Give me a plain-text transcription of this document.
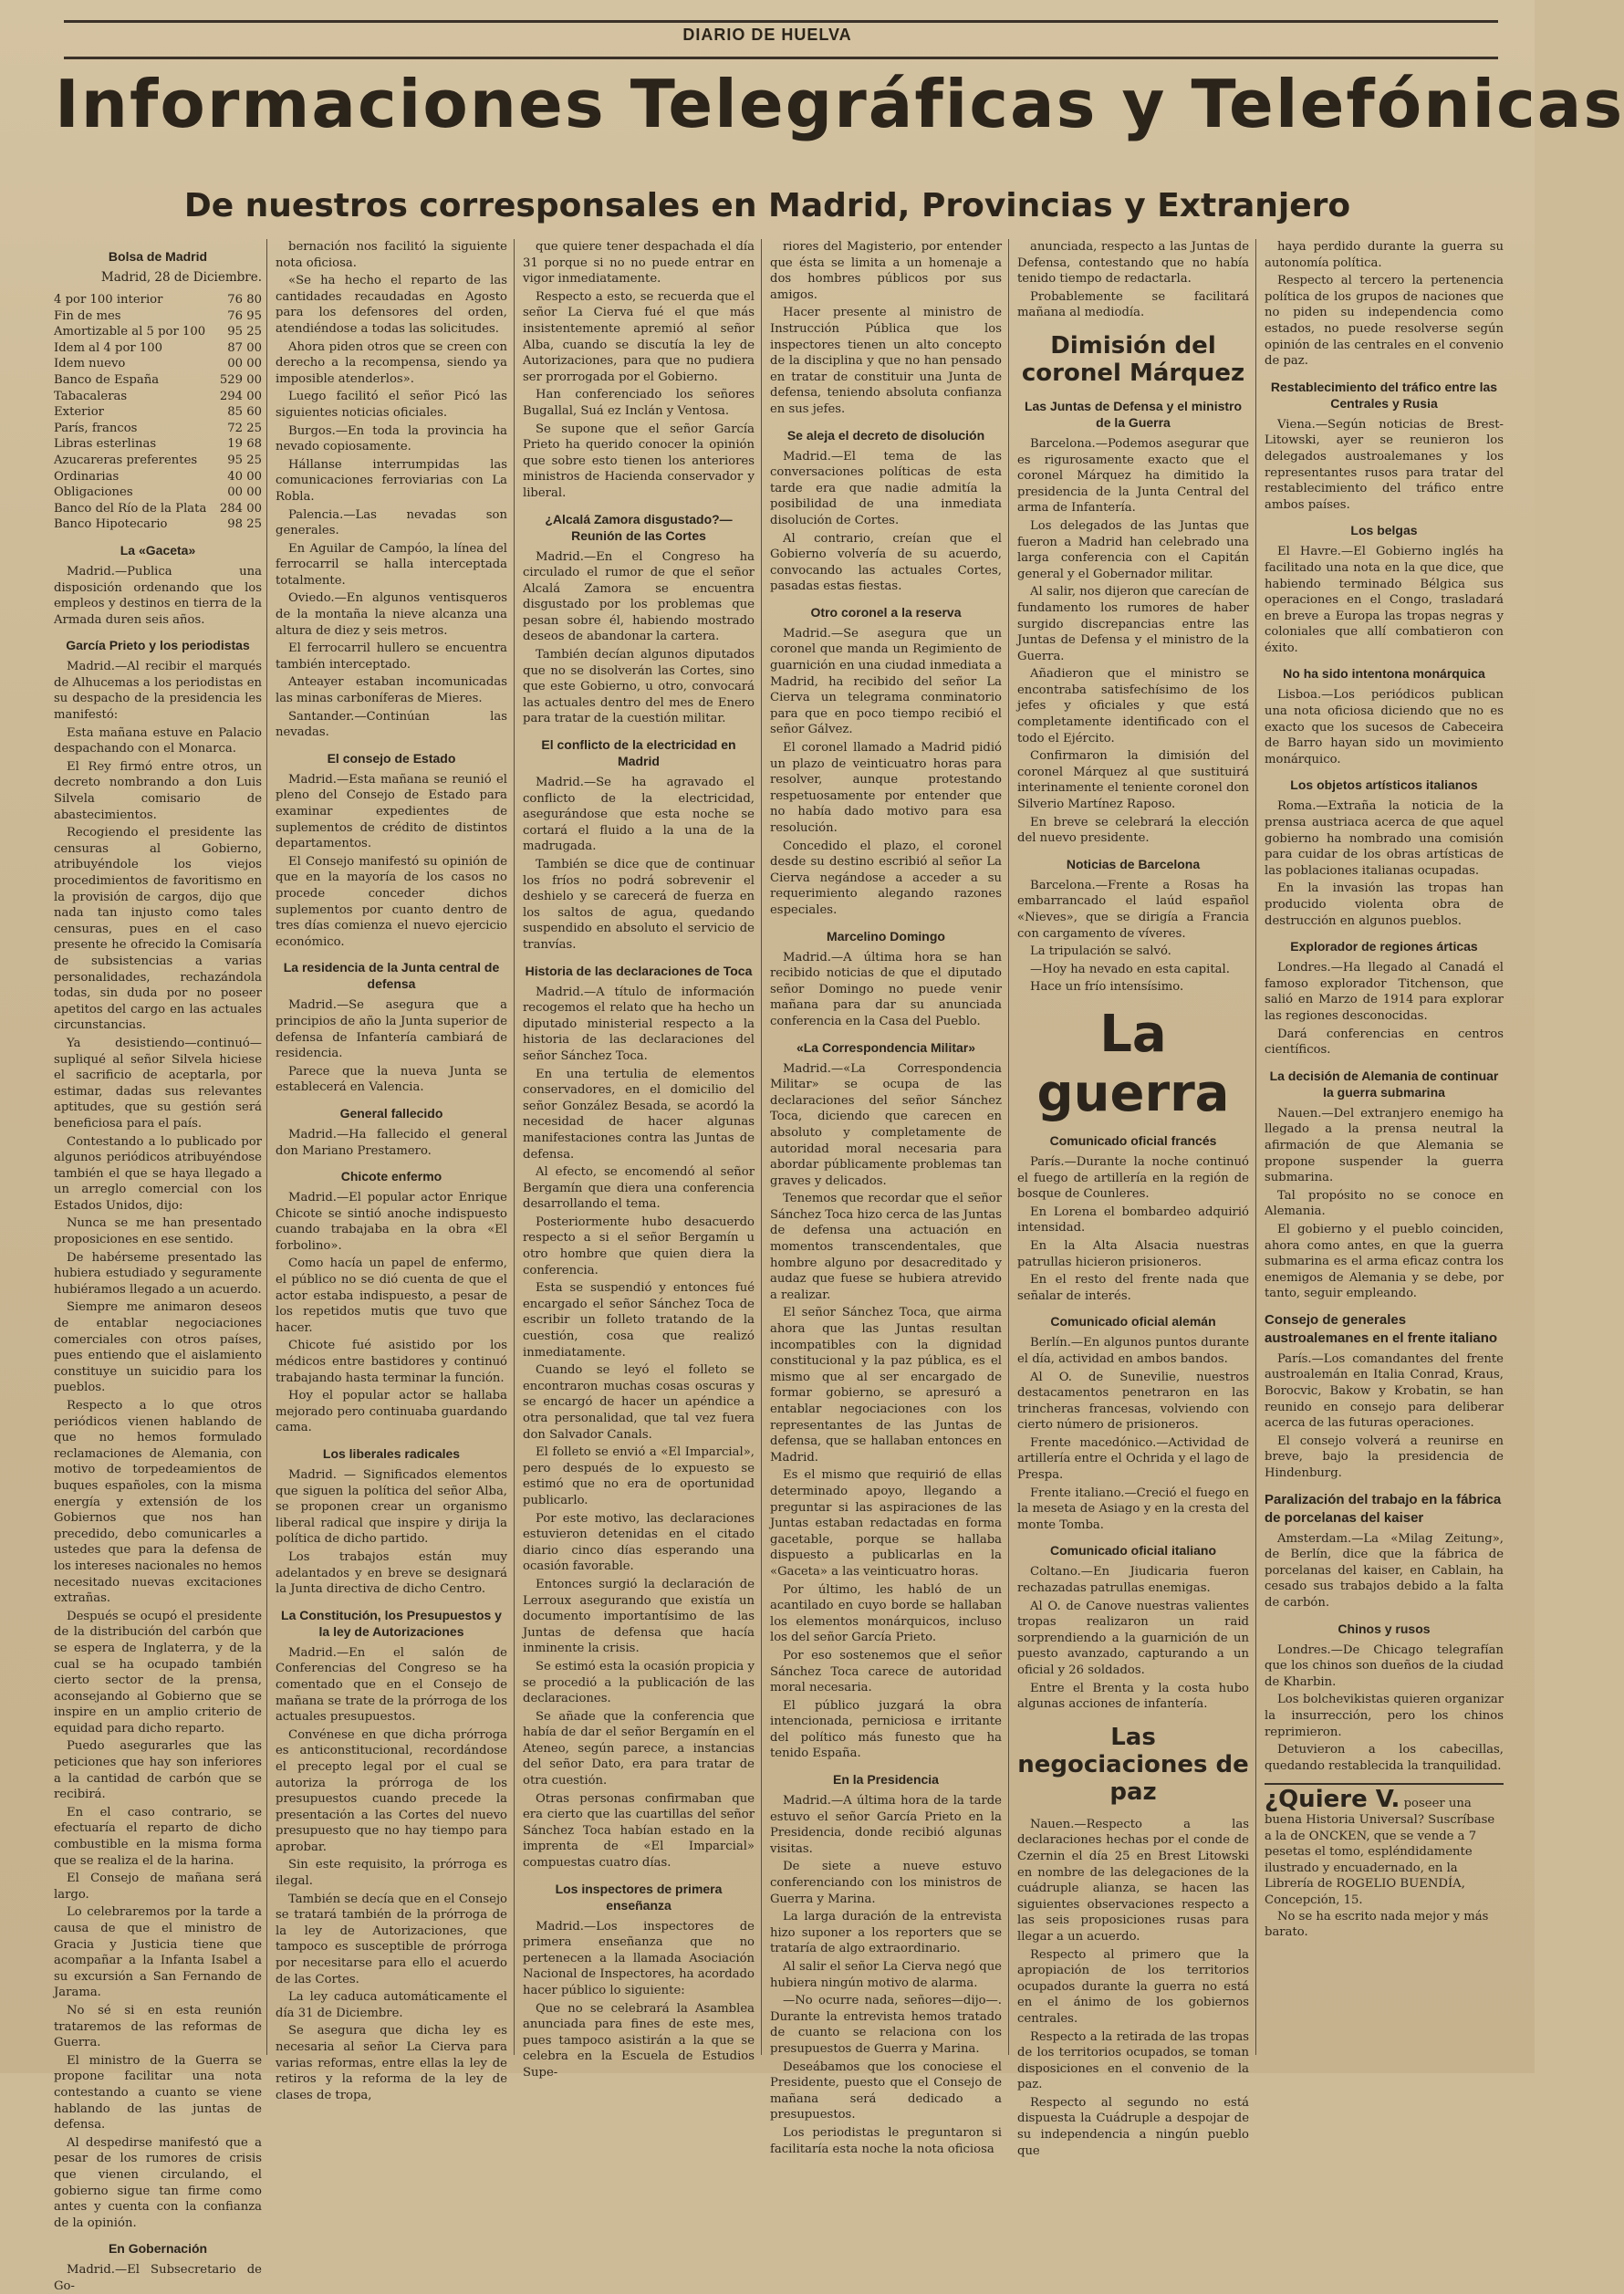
DIARIO DE HUELVA
Informaciones Telegráficas y Telefónicas
De nuestros corresponsales en Madrid, Provincias y Extranjero
Bolsa de Madrid
Madrid, 28 de Diciembre.
4 por 100 interior	76 80
Fin de mes	76 95
Amortizable al 5 por 100	95 25
Idem al 4 por 100	87 00
Idem nuevo	00 00
Banco de España	529 00
Tabacaleras	294 00
Exterior	85 60
París, francos	72 25
Libras esterlinas	19 68
Azucareras preferentes	95 25
Ordinarias	40 00
Obligaciones	00 00
Banco del Río de la Plata	284 00
Banco Hipotecario	98 25
La «Gaceta»

Madrid.—Publica una disposición ordenando que los empleos y destinos en tierra de la Armada duren seis años.

García Prieto y los periodistas

Madrid.—Al recibir el marqués de Alhucemas a los periodistas en su despacho de la presidencia les manifestó:

Esta mañana estuve en Palacio despachando con el Monarca.

El Rey firmó entre otros, un decreto nombrando a don Luis Silvela comisario de abastecimientos.

Recogiendo el presidente las censuras al Gobierno, atribuyéndole los viejos procedimientos de favoritismo en la provisión de cargos, dijo que nada tan injusto como tales censuras, pues en el caso presente he ofrecido la Comisaría de subsistencias a varias personalidades, rechazándola todas, sin duda por no poseer apetitos del cargo en las actuales circunstancias.

Ya desistiendo—continuó—supliqué al señor Silvela hiciese el sacrificio de aceptarla, por estimar, dadas sus relevantes aptitudes, que su gestión será beneficiosa para el país.

Contestando a lo publicado por algunos periódicos atribuyéndose también el que se haya llegado a un arreglo comercial con los Estados Unidos, dijo:

Nunca se me han presentado proposiciones en ese sentido.

De habérseme presentado las hubiera estudiado y seguramente hubiéramos llegado a un acuerdo.

Siempre me animaron deseos de entablar negociaciones comerciales con otros países, pues entiendo que el aislamiento constituye un suicidio para los pueblos.

Respecto a lo que otros periódicos vienen hablando de que no hemos formulado reclamaciones de Alemania, con motivo de torpedeamientos de buques españoles, con la misma energía y extensión de los Gobiernos que nos han precedido, debo comunicarles a ustedes que para la defensa de los intereses nacionales no hemos necesitado nuevas excitaciones extrañas.

Después se ocupó el presidente de la distribución del carbón que se espera de Inglaterra, y de la cual se ha ocupado también cierto sector de la prensa, aconsejando al Gobierno que se inspire en un amplio criterio de equidad para dicho reparto.

Puedo asegurarles que las peticiones que hay son inferiores a la cantidad de carbón que se recibirá.

En el caso contrario, se efectuaría el reparto de dicho combustible en la misma forma que se realiza el de la harina.

El Consejo de mañana será largo.

Lo celebraremos por la tarde a causa de que el ministro de Gracia y Justicia tiene que acompañar a la Infanta Isabel a su excursión a San Fernando de Jarama.

No sé si en esta reunión trataremos de las reformas de Guerra.

El ministro de la Guerra se propone facilitar una nota contestando a cuanto se viene hablando de las juntas de defensa.

Al despedirse manifestó que a pesar de los rumores de crisis que vienen circulando, el gobierno sigue tan firme como antes y cuenta con la confianza de la opinión.

En Gobernación

Madrid.—El Subsecretario de Go-

bernación nos facilitó la siguiente nota oficiosa.

«Se ha hecho el reparto de las cantidades recaudadas en Agosto para los defensores del orden, atendiéndose a todas las solicitudes.

Ahora piden otros que se creen con derecho a la recompensa, siendo ya imposible atenderlos».

Luego facilitó el señor Picó las siguientes noticias oficiales.

Burgos.—En toda la provincia ha nevado copiosamente.

Hállanse interrumpidas las comunicaciones ferroviarias con La Robla.

Palencia.—Las nevadas son generales.

En Aguilar de Campóo, la línea del ferrocarril se halla interceptada totalmente.

Oviedo.—En algunos ventisqueros de la montaña la nieve alcanza una altura de diez y seis metros.

El ferrocarril hullero se encuentra también interceptado.

Anteayer estaban incomunicadas las minas carboníferas de Mieres.

Santander.—Continúan las nevadas.

El consejo de Estado

Madrid.—Esta mañana se reunió el pleno del Consejo de Estado para examinar expedientes de suplementos de crédito de distintos departamentos.

El Consejo manifestó su opinión de que en la mayoría de los casos no procede conceder dichos suplementos por cuanto dentro de tres días comienza el nuevo ejercicio económico.

La residencia de la Junta central de defensa

Madrid.—Se asegura que a principios de año la Junta superior de defensa de Infantería cambiará de residencia.

Parece que la nueva Junta se establecerá en Valencia.

General fallecido

Madrid.—Ha fallecido el general don Mariano Prestamero.

Chicote enfermo

Madrid.—El popular actor Enrique Chicote se sintió anoche indispuesto cuando trabajaba en la obra «El forbolino».

Como hacía un papel de enfermo, el público no se dió cuenta de que el actor estaba indispuesto, a pesar de los repetidos mutis que tuvo que hacer.

Chicote fué asistido por los médicos entre bastidores y continuó trabajando hasta terminar la función.

Hoy el popular actor se hallaba mejorado pero continuaba guardando cama.

Los liberales radicales

Madrid. — Significados elementos que siguen la política del señor Alba, se proponen crear un organismo liberal radical que inspire y dirija la política de dicho partido.

Los trabajos están muy adelantados y en breve se designará la Junta directiva de dicho Centro.

La Constitución, los Presupuestos y la ley de Autorizaciones

Madrid.—En el salón de Conferencias del Congreso se ha comentado que en el Consejo de mañana se trate de la prórroga de los actuales presupuestos.

Convénese en que dicha prórroga es anticonstitucional, recordándose el precepto legal por el cual se autoriza la prórroga de los presupuestos cuando precede la presentación a las Cortes del nuevo presupuesto que no hay tiempo para aprobar.

Sin este requisito, la prórroga es ilegal.

También se decía que en el Consejo se tratará también de la prórroga de la ley de Autorizaciones, que tampoco es susceptible de prórroga por necesitarse para ello el acuerdo de las Cortes.

La ley caduca automáticamente el día 31 de Diciembre.

Se asegura que dicha ley es necesaria al señor La Cierva para varias reformas, entre ellas la ley de retiros y la reforma de la ley de clases de tropa,

que quiere tener despachada el día 31 porque si no no puede entrar en vigor inmediatamente.

Respecto a esto, se recuerda que el señor La Cierva fué el que más insistentemente apremió al señor Alba, cuando se discutía la ley de Autorizaciones, para que no pudiera ser prorrogada por el Gobierno.

Han conferenciado los señores Bugallal, Suá ez Inclán y Ventosa.

Se supone que el señor García Prieto ha querido conocer la opinión que sobre esto tienen los anteriores ministros de Hacienda conservador y liberal.

¿Alcalá Zamora disgustado?—Reunión de las Cortes

Madrid.—En el Congreso ha circulado el rumor de que el señor Alcalá Zamora se encuentra disgustado por los problemas que pesan sobre él, habiendo mostrado deseos de abandonar la cartera.

También decían algunos diputados que no se disolverán las Cortes, sino que este Gobierno, u otro, convocará las actuales dentro del mes de Enero para tratar de la cuestión militar.

El conflicto de la electricidad en Madrid

Madrid.—Se ha agravado el conflicto de la electricidad, asegurándose que esta noche se cortará el fluido a la una de la madrugada.

También se dice que de continuar los fríos no podrá sobrevenir el deshielo y se carecerá de fuerza en los saltos de agua, quedando suspendido en absoluto el servicio de tranvías.

Historia de las declaraciones de Toca

Madrid.—A título de información recogemos el relato que ha hecho un diputado ministerial respecto a la historia de las declaraciones del señor Sánchez Toca.

En una tertulia de elementos conservadores, en el domicilio del señor González Besada, se acordó la necesidad de hacer algunas manifestaciones contra las Juntas de defensa.

Al efecto, se encomendó al señor Bergamín que diera una conferencia desarrollando el tema.

Posteriormente hubo desacuerdo respecto a si el señor Bergamín u otro hombre que quien diera la conferencia.

Esta se suspendió y entonces fué encargado el señor Sánchez Toca de escribir un folleto tratando de la cuestión, cosa que realizó inmediatamente.

Cuando se leyó el folleto se encontraron muchas cosas oscuras y se encargó de hacer un apéndice a otra personalidad, que tal vez fuera don Salvador Canals.

El folleto se envió a «El Imparcial», pero después de lo expuesto se estimó que no era de oportunidad publicarlo.

Por este motivo, las declaraciones estuvieron detenidas en el citado diario cinco días esperando una ocasión favorable.

Entonces surgió la declaración de Lerroux asegurando que existía un documento importantísimo de las Juntas de defensa que hacía inminente la crisis.

Se estimó esta la ocasión propicia y se procedió a la publicación de las declaraciones.

Se añade que la conferencia que había de dar el señor Bergamín en el Ateneo, según parece, a instancias del señor Dato, era para tratar de otra cuestión.

Otras personas confirmaban que era cierto que las cuartillas del señor Sánchez Toca habían estado en la imprenta de «El Imparcial» compuestas cuatro días.

Los inspectores de primera enseñanza

Madrid.—Los inspectores de primera enseñanza que no pertenecen a la llamada Asociación Nacional de Inspectores, ha acordado hacer público lo siguiente:

Que no se celebrará la Asamblea anunciada para fines de este mes, pues tampoco asistirán a la que se celebra en la Escuela de Estudios Supe-

riores del Magisterio, por entender que ésta se limita a un homenaje a dos hombres públicos por sus amigos.

Hacer presente al ministro de Instrucción Pública que los inspectores tienen un alto concepto de la disciplina y que no han pensado en tratar de constituir una Junta de defensa, teniendo absoluta confianza en sus jefes.

Se aleja el decreto de disolución

Madrid.—El tema de las conversaciones políticas de esta tarde era que nadie admitía la posibilidad de una inmediata disolución de Cortes.

Al contrario, creían que el Gobierno volvería de su acuerdo, convocando las actuales Cortes, pasadas estas fiestas.

Otro coronel a la reserva

Madrid.—Se asegura que un coronel que manda un Regimiento de guarnición en una ciudad inmediata a Madrid, ha recibido del señor La Cierva un telegrama conminatorio para que en poco tiempo recibió el señor Gálvez.

El coronel llamado a Madrid pidió un plazo de veinticuatro horas para resolver, aunque protestando respetuosamente por entender que no había dado motivo para esa resolución.

Concedido el plazo, el coronel desde su destino escribió al señor La Cierva negándose a acceder a su requerimiento alegando razones especiales.

Marcelino Domingo

Madrid.—A última hora se han recibido noticias de que el diputado señor Domingo no puede venir mañana para dar su anunciada conferencia en la Casa del Pueblo.

«La Correspondencia Militar»

Madrid.—«La Correspondencia Militar» se ocupa de las declaraciones del señor Sánchez Toca, diciendo que carecen en absoluto y completamente de autoridad moral necesaria para abordar públicamente problemas tan graves y delicados.

Tenemos que recordar que el señor Sánchez Toca hizo cerca de las Juntas de defensa una actuación en momentos transcendentales, que hombre alguno por desacreditado y audaz que fuese se hubiera atrevido a realizar.

El señor Sánchez Toca, que airma ahora que las Juntas resultan incompatibles con la dignidad constitucional y la paz pública, es el mismo que al ser encargado de formar gobierno, se apresuró a entablar negociaciones con los representantes de las Juntas de defensa, que se hallaban entonces en Madrid.

Es el mismo que requirió de ellas determinado apoyo, llegando a preguntar si las aspiraciones de las Juntas estaban redactadas en forma gacetable, porque se hallaba dispuesto a publicarlas en la «Gaceta» a las veinticuatro horas.

Por último, les habló de un acantilado en cuyo borde se hallaban los elementos monárquicos, incluso los del señor García Prieto.

Por eso sostenemos que el señor Sánchez Toca carece de autoridad moral necesaria.

El público juzgará la obra intencionada, perniciosa e irritante del político más funesto que ha tenido España.

En la Presidencia

Madrid.—A última hora de la tarde estuvo el señor García Prieto en la Presidencia, donde recibió algunas visitas.

De siete a nueve estuvo conferenciando con los ministros de Guerra y Marina.

La larga duración de la entrevista hizo suponer a los reporters que se trataría de algo extraordinario.

Al salir el señor La Cierva negó que hubiera ningún motivo de alarma.

—No ocurre nada, señores—dijo—. Durante la entrevista hemos tratado de cuanto se relaciona con los presupuestos de Guerra y Marina.

Deseábamos que los conociese el Presidente, puesto que el Consejo de mañana será dedicado a presupuestos.

Los periodistas le preguntaron si facilitaría esta noche la nota oficiosa

anunciada, respecto a las Juntas de Defensa, contestando que no había tenido tiempo de redactarla.

Probablemente se facilitará mañana al mediodía.

Dimisión del coronel Márquez
Las Juntas de Defensa y el ministro de la Guerra

Barcelona.—Podemos asegurar que es rigurosamente exacto que el coronel Márquez ha dimitido la presidencia de la Junta Central del arma de Infantería.

Los delegados de las Juntas que fueron a Madrid han celebrado una larga conferencia con el Capitán general y el Gobernador militar.

Al salir, nos dijeron que carecían de fundamento los rumores de haber surgido discrepancias entre las Juntas de Defensa y el ministro de la Guerra.

Añadieron que el ministro se encontraba satisfechísimo de los jefes y oficiales y que está completamente identificado con el todo el Ejército.

Confirmaron la dimisión del coronel Márquez al que sustituirá interinamente el teniente coronel don Silverio Martínez Raposo.

En breve se celebrará la elección del nuevo presidente.

Noticias de Barcelona

Barcelona.—Frente a Rosas ha embarrancado el laúd español «Nieves», que se dirigía a Francia con cargamento de víveres.

La tripulación se salvó.

—Hoy ha nevado en esta capital.

Hace un frío intensísimo.

La guerra
Comunicado oficial francés

París.—Durante la noche continuó el fuego de artillería en la región de bosque de Counleres.

En Lorena el bombardeo adquirió intensidad.

En la Alta Alsacia nuestras patrullas hicieron prisioneros.

En el resto del frente nada que señalar de interés.

Comunicado oficial alemán

Berlín.—En algunos puntos durante el día, actividad en ambos bandos.

Al O. de Sunevilie, nuestros destacamentos penetraron en las trincheras francesas, volviendo con cierto número de prisioneros.

Frente macedónico.—Actividad de artillería entre el Ochrida y el lago de Prespa.

Frente italiano.—Creció el fuego en la meseta de Asiago y en la cresta del monte Tomba.

Comunicado oficial italiano

Coltano.—En Jiudicaria fueron rechazadas patrullas enemigas.

Al O. de Canove nuestras valientes tropas realizaron un raid sorprendiendo a la guarnición de un puesto avanzado, capturando a un oficial y 26 soldados.

Entre el Brenta y la costa hubo algunas acciones de infantería.

Las negociaciones de paz

Nauen.—Respecto a las declaraciones hechas por el conde de Czernin el día 25 en Brest Litowski en nombre de las delegaciones de la cuádruple alianza, se hacen las siguientes observaciones respecto a las seis proposiciones rusas para llegar a un acuerdo.

Respecto al primero que la apropiación de los territorios ocupados durante la guerra no está en el ánimo de los gobiernos centrales.

Respecto a la retirada de las tropas de los territorios ocupados, se toman disposiciones en el convenio de la paz.

Respecto al segundo no está dispuesta la Cuádruple a despojar de su independencia a ningún pueblo que

haya perdido durante la guerra su autonomía política.

Respecto al tercero la pertenencia política de los grupos de naciones que no piden su independencia como estados, no puede resolverse según opinión de las centrales en el convenio de paz.

Restablecimiento del tráfico entre las Centrales y Rusia

Viena.—Según noticias de Brest-Litowski, ayer se reunieron los delegados austroalemanes y los representantes rusos para tratar del restablecimiento del tráfico entre ambos países.

Los belgas

El Havre.—El Gobierno inglés ha facilitado una nota en la que dice, que habiendo terminado Bélgica sus operaciones en el Congo, trasladará en breve a Europa las tropas negras y coloniales que allí combatieron con éxito.

No ha sido intentona monárquica

Lisboa.—Los periódicos publican una nota oficiosa diciendo que no es exacto que los sucesos de Cabeceira de Barro hayan sido un movimiento monárquico.

Los objetos artísticos italianos

Roma.—Extraña la noticia de la prensa austriaca acerca de que aquel gobierno ha nombrado una comisión para cuidar de los obras artísticas de las poblaciones italianas ocupadas.

En la invasión las tropas han producido violenta obra de destrucción en algunos pueblos.

Explorador de regiones árticas

Londres.—Ha llegado al Canadá el famoso explorador Titchenson, que salió en Marzo de 1914 para explorar las regiones desconocidas.

Dará conferencias en centros científicos.

La decisión de Alemania de continuar la guerra submarina

Nauen.—Del extranjero enemigo ha llegado a la prensa neutral la afirmación de que Alemania se propone suspender la guerra submarina.

Tal propósito no se conoce en Alemania.

El gobierno y el pueblo coinciden, ahora como antes, en que la guerra submarina es el arma eficaz contra los enemigos de Alemania y se debe, por tanto, seguir empleando.

Consejo de generales austroalemanes en el frente italiano

París.—Los comandantes del frente austroalemán en Italia Conrad, Kraus, Borocvic, Bakow y Krobatin, se han reunido en consejo para deliberar acerca de las futuras operaciones.

El consejo volverá a reunirse en breve, bajo la presidencia de Hindenburg.

Paralización del trabajo en la fábrica de porcelanas del kaiser

Amsterdam.—La «Milag Zeitung», de Berlín, dice que la fábrica de porcelanas del kaiser, en Cablain, ha cesado sus trabajos debido a la falta de carbón.

Chinos y rusos

Londres.—De Chicago telegrafían que los chinos son dueños de la ciudad de Kharbin.

Los bolchevikistas quieren organizar la insurrección, pero los chinos reprimieron.

Detuvieron a los cabecillas, quedando restablecida la tranquilidad.

¿Quiere V. poseer una buena Historia Universal? Suscríbase a la de ONCKEN, que se vende a 7 pesetas el tomo, espléndidamente ilustrado y encuadernado, en la Librería de ROGELIO BUENDÍA, Concepción, 15.
No se ha escrito nada mejor y más barato.
